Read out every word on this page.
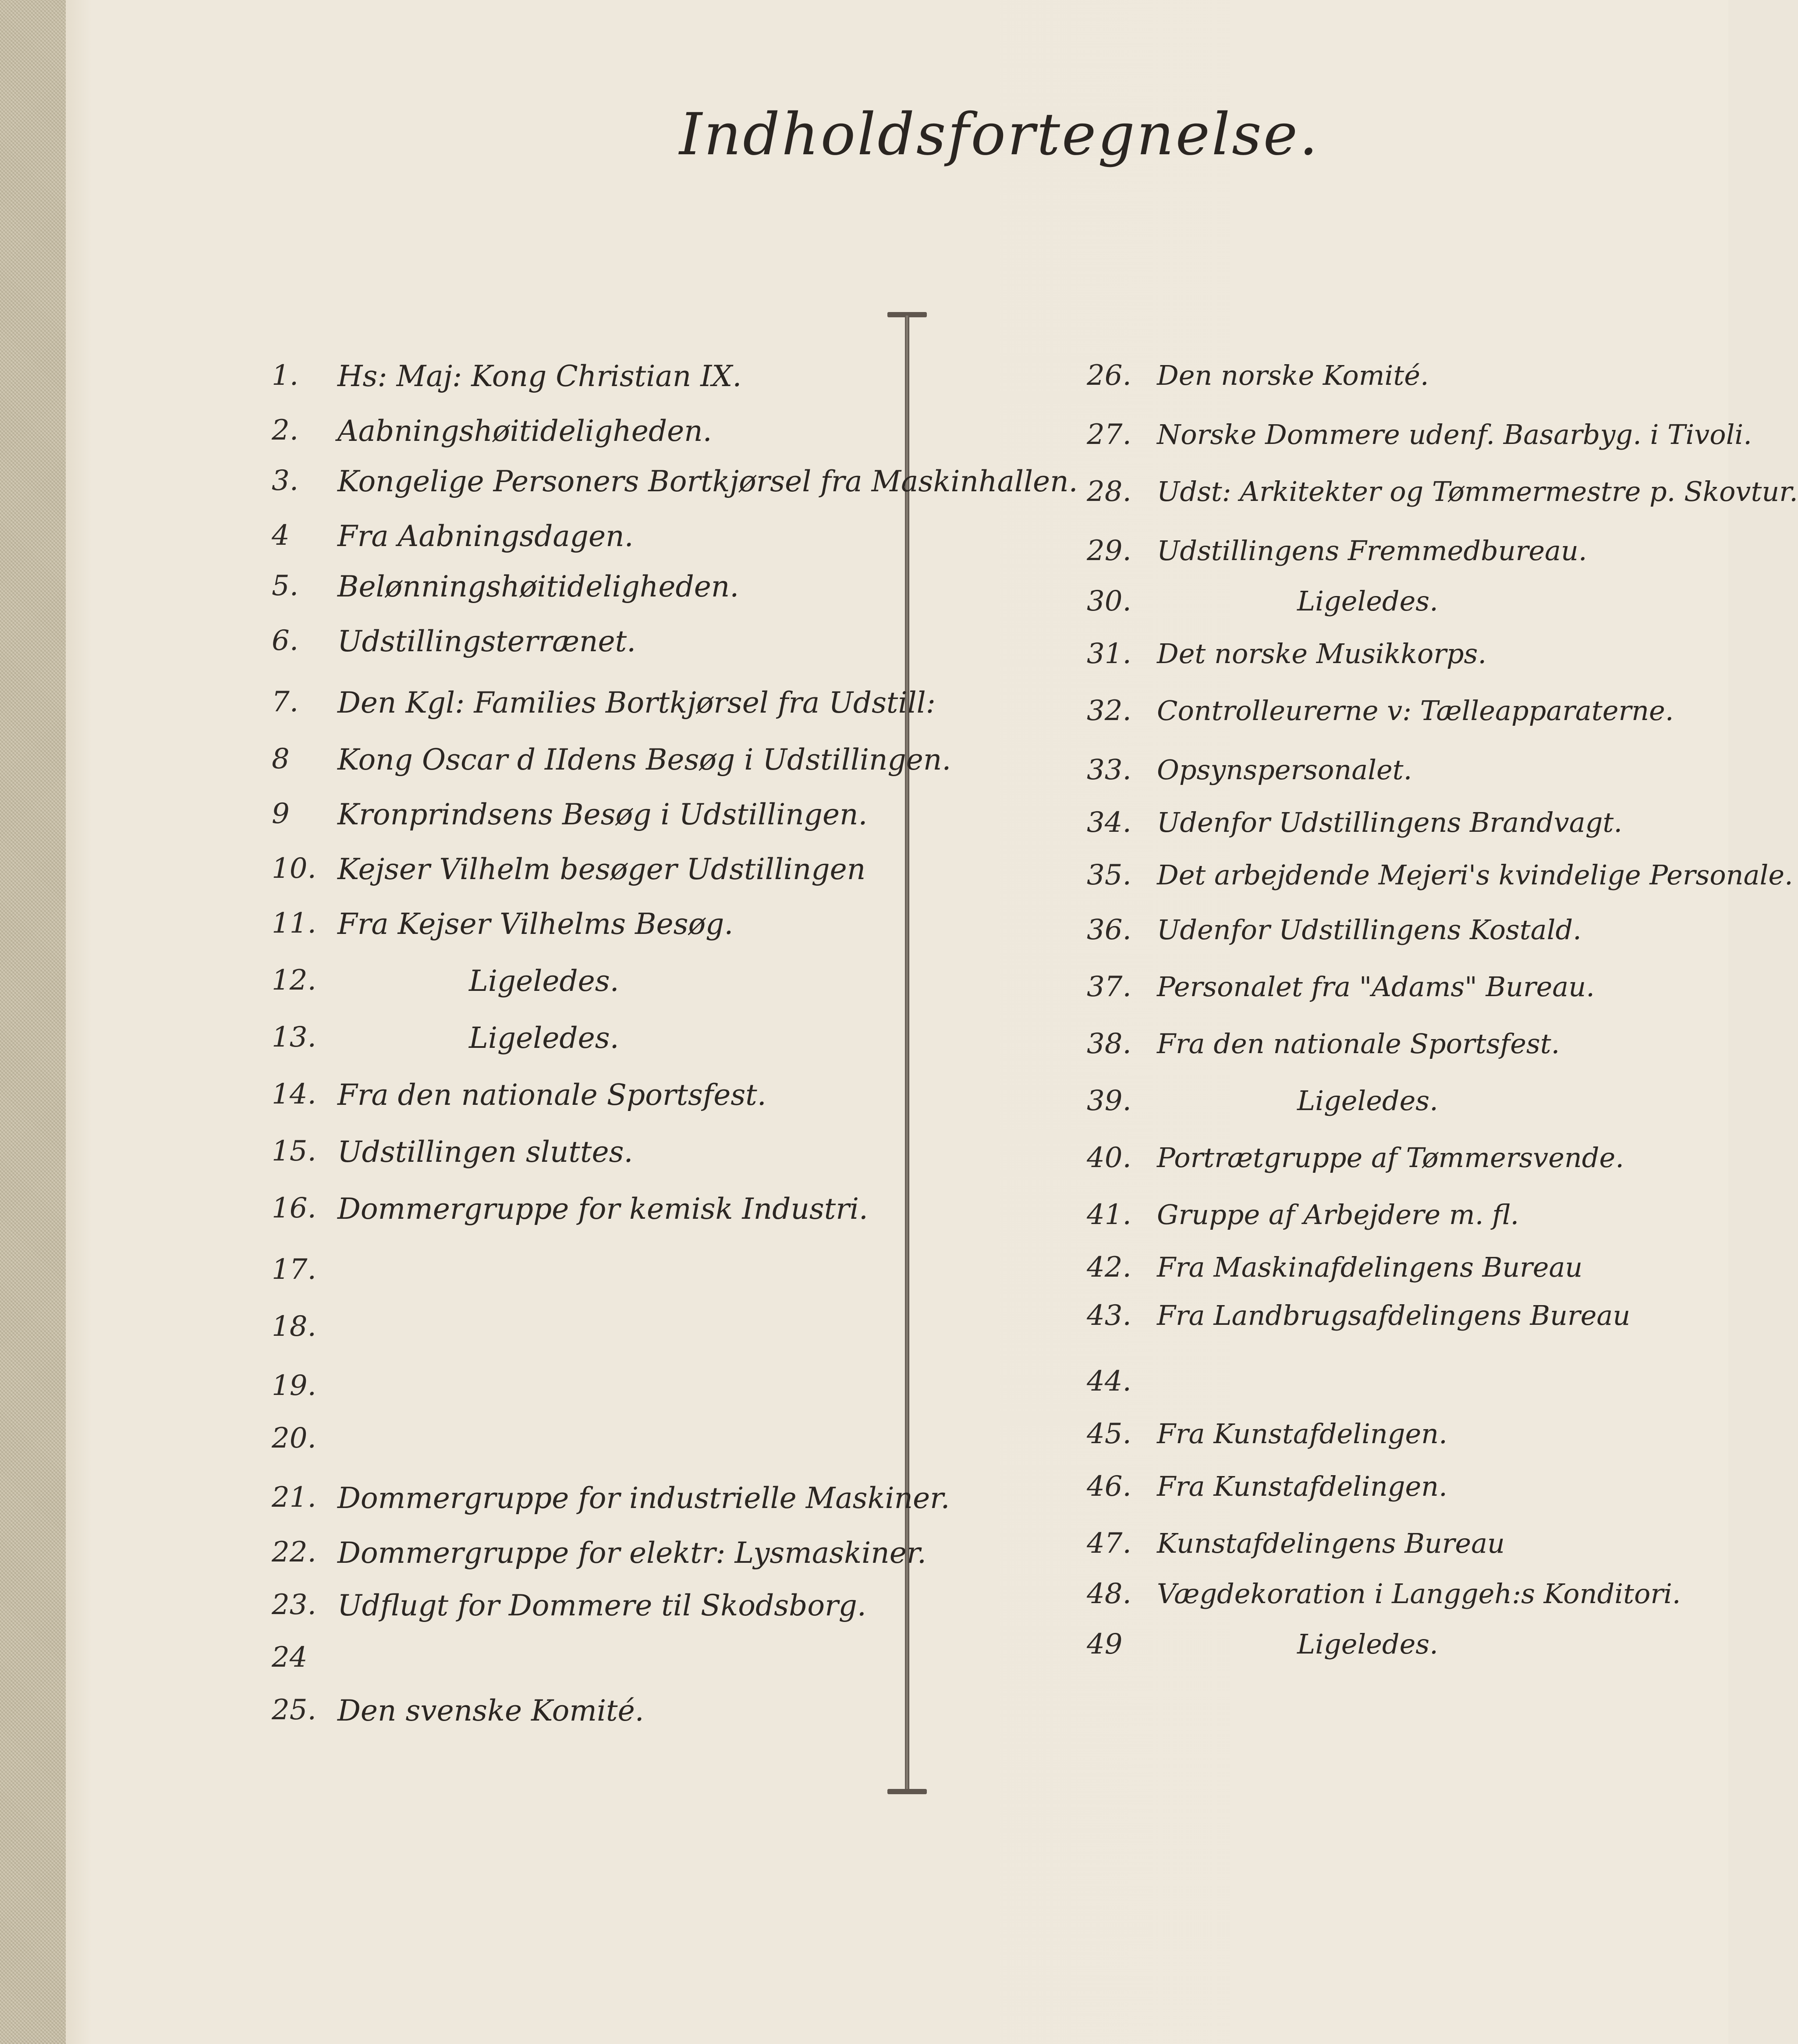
Indholdsfortegnelse.
1.	Hs: Maj: Kong Christian IX.
2.	Aabningshøitideligheden.
3.	Kongelige Personers Bortkjørsel fra Maskinhallen.
4	Fra Aabningsdagen.
5.	Belønningshøitideligheden.
6.	Udstillingsterrænet.
7.	Den Kgl: Families Bortkjørsel fra Udstill:
8	Kong Oscar d IIdens Besøg i Udstillingen.
9	Kronprindsens Besøg i Udstillingen.
10. Kejser Vilhelm besøger Udstillingen
11. Fra Kejser Vilhelms Besøg.
12.	Ligeledes.
13.	Ligeledes.
14. Fra den nationale Sportsfest.
15. Udstillingen sluttes.
16. Dommergruppe for kemisk Industri.
17.
18.
19.
20.
21. Dommergruppe for industrielle Maskiner.
22. Dommergruppe for elektr: Lysmaskiner.
23. Udflugt for Dommere til Skodsborg.
24
25. Den svenske Komité.
26. Den norske Komité.
27. Norske Dommere udenf. Basarbyg. i Tivoli.
28. Udst: Arkitekter og Tømmermestre p. Skovtur.
29. Udstillingens Fremmedbureau.
30.	Ligeledes.
31. Det norske Musikkorps.
32. Controlleurerne v: Tælleapparaterne.
33. Opsynspersonalet.
34. Udenfor Udstillingens Brandvagt.
35. Det arbejdende Mejeri's kvindelige Personale.
36. Udenfor Udstillingens Kostald.
37. Personalet fra "Adams" Bureau.
38. Fra den nationale Sportsfest.
39.	Ligeledes.
40. Portrætgruppe af Tømmersvende.
41. Gruppe af Arbejdere m. fl.
42. Fra Maskinafdelingens Bureau
43. Fra Landbrugsafdelingens Bureau
44.
45. Fra Kunstafdelingen.
46. Fra Kunstafdelingen.
47. Kunstafdelingens Bureau
48. Vægdekoration i Langgeh:s Konditori.
49	Ligeledes.
